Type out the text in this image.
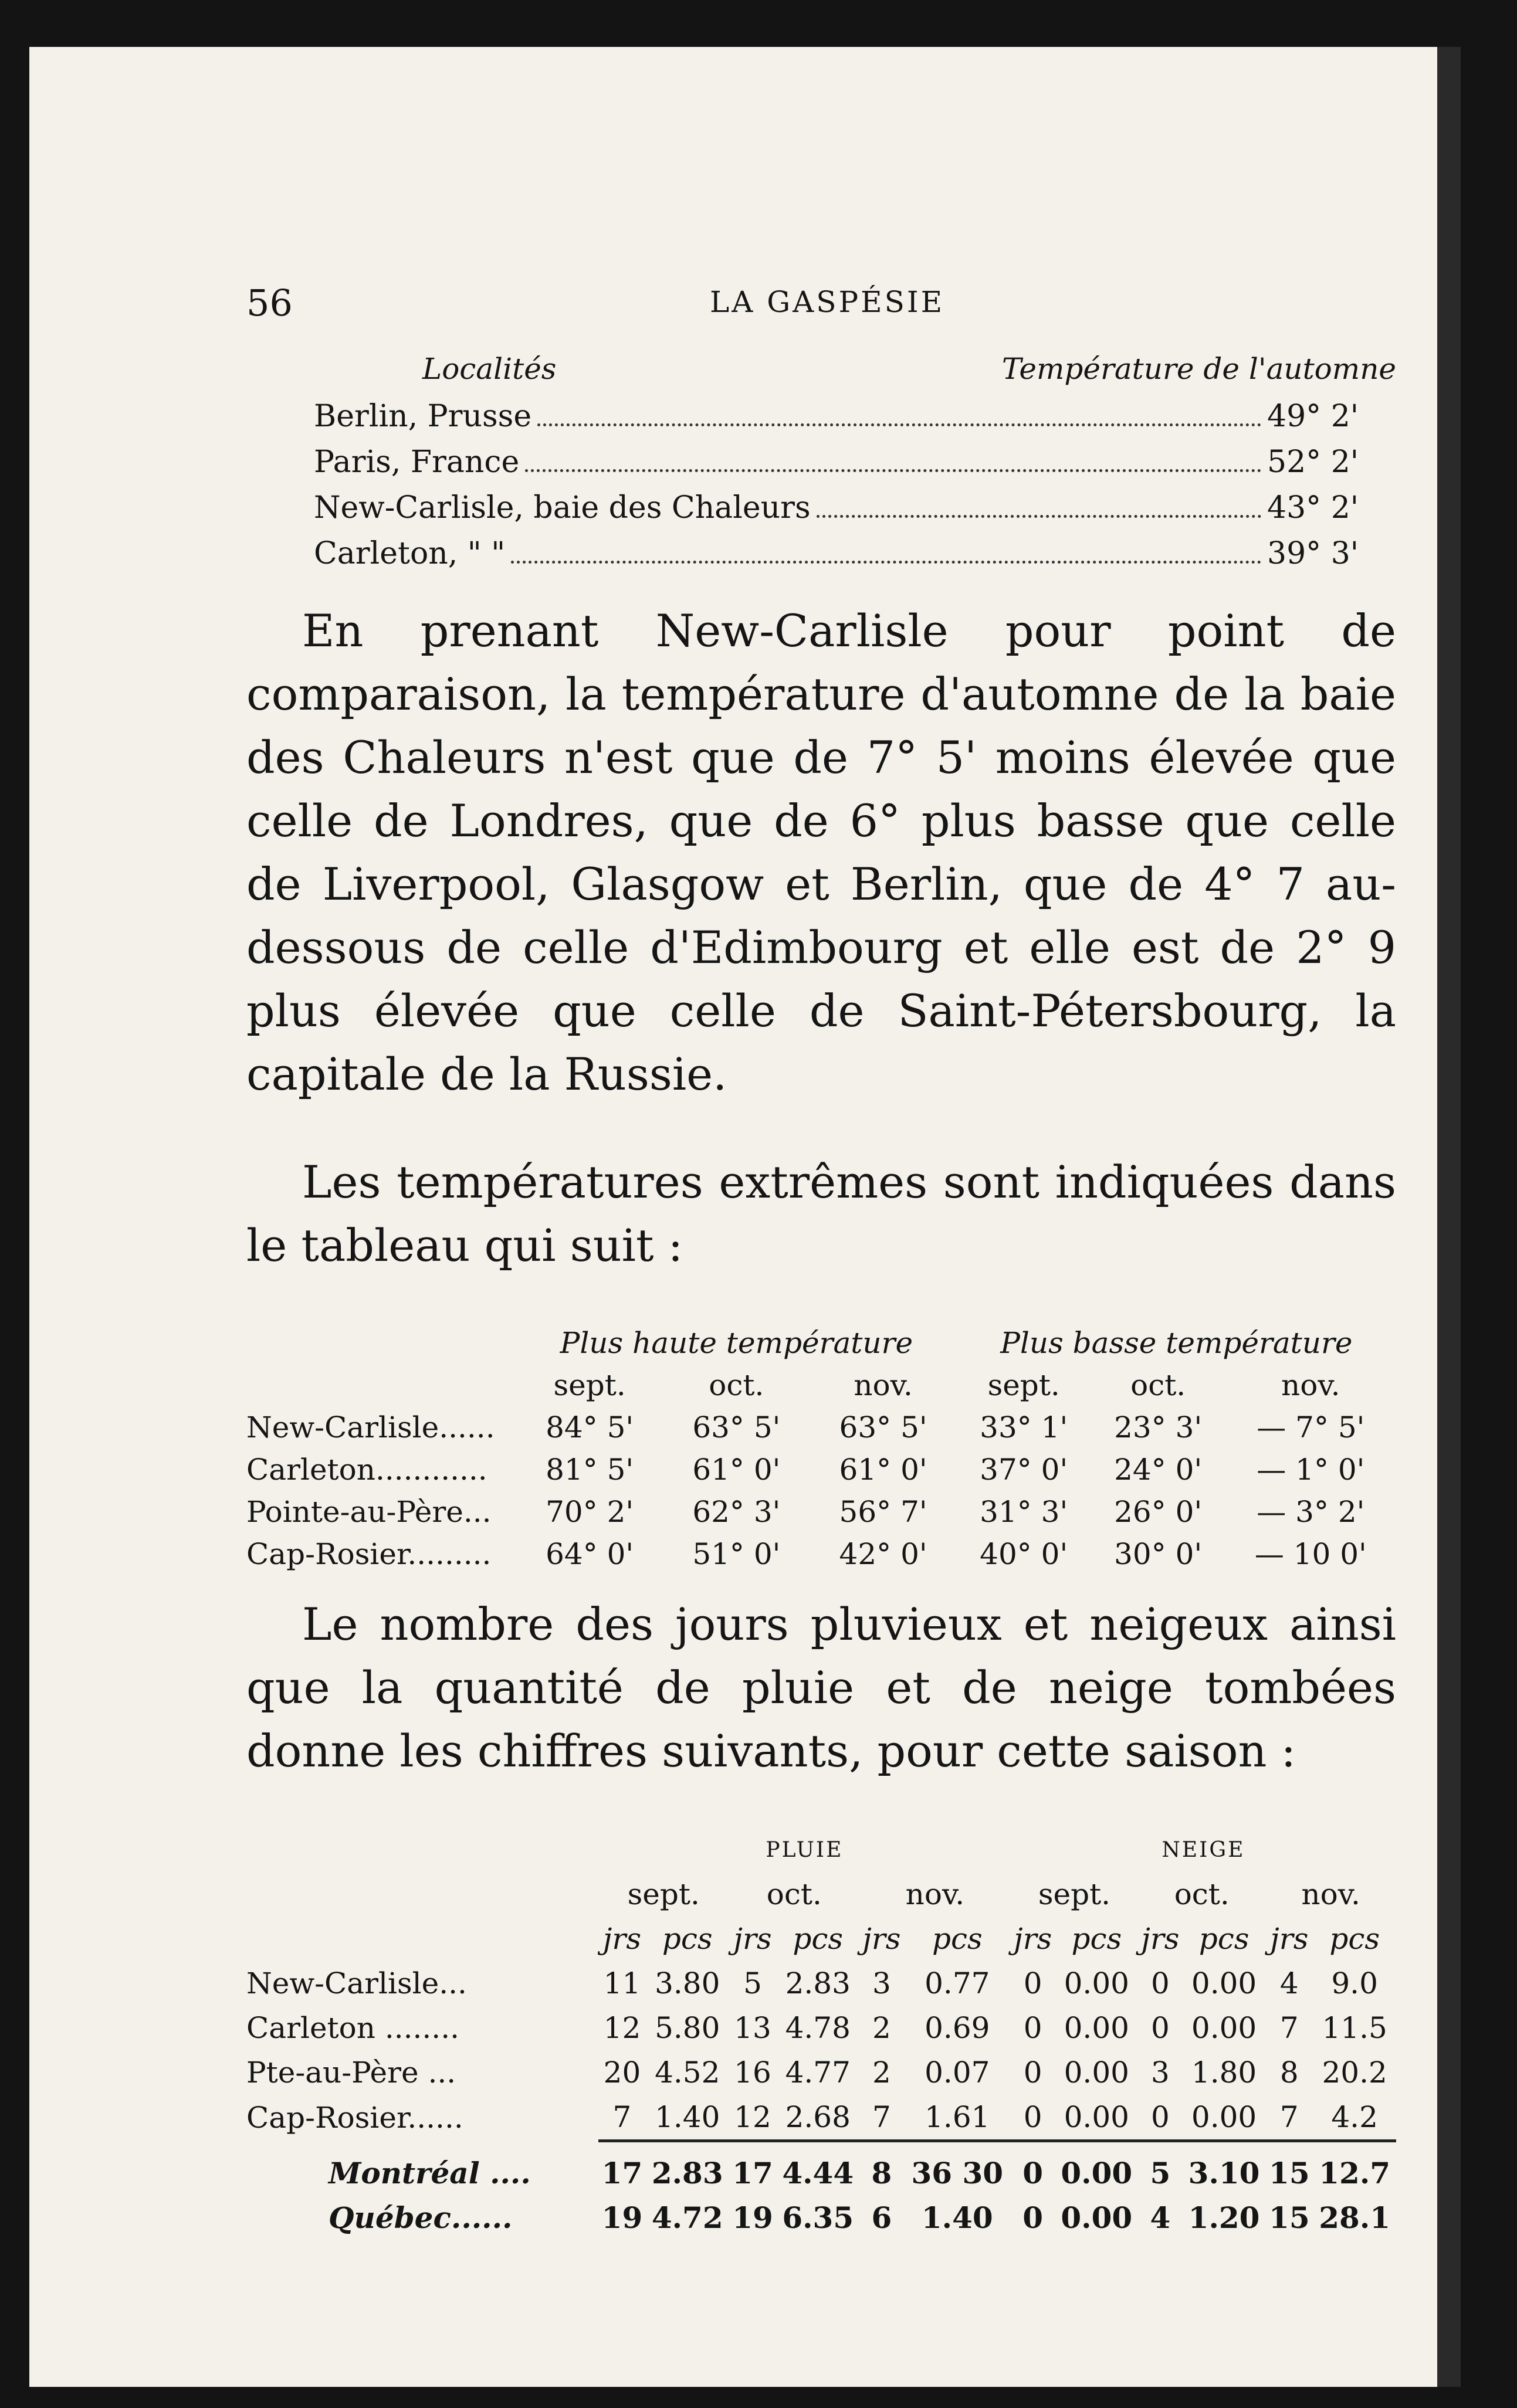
56	LA GASPÉSIE
Localités	Température de l'automne
Berlin, Prusse	49° 2'
Paris, France	52° 2'
New-Carlisle, baie des Chaleurs	43° 2'
Carleton, " "	39° 3'

En prenant New-Carlisle pour point de comparaison, la température d'automne de la baie des Chaleurs n'est que de 7° 5' moins élevée que celle de Londres, que de 6° plus basse que celle de Liverpool, Glasgow et Berlin, que de 4° 7 au-dessous de celle d'Edimbourg et elle est de 2° 9 plus élevée que celle de Saint-Pétersbourg, la capitale de la Russie.

Les températures extrêmes sont indiquées dans le tableau qui suit :

	Plus haute température			Plus basse température		
	sept.	oct.	nov.	sept.	oct.	nov.
New-Carlisle......	84° 5'	63° 5'	63° 5'	33° 1'	23° 3'	— 7° 5'
Carleton............	81° 5'	61° 0'	61° 0'	37° 0'	24° 0'	— 1° 0'
Pointe-au-Père...	70° 2'	62° 3'	56° 7'	31° 3'	26° 0'	— 3° 2'
Cap-Rosier.........	64° 0'	51° 0'	42° 0'	40° 0'	30° 0'	— 10 0'

Le nombre des jours pluvieux et neigeux ainsi que la quantité de pluie et de neige tombées donne les chiffres suivants, pour cette saison :

	PLUIE						NEIGE					
	sept.		oct.		nov.		sept.		oct.		nov.	
	jrs	pcs	jrs	pcs	jrs	pcs	jrs	pcs	jrs	pcs	jrs	pcs
New-Carlisle...	11	3.80	5	2.83	3	0.77	0	0.00	0	0.00	4	9.0
Carleton ........	12	5.80	13	4.78	2	0.69	0	0.00	0	0.00	7	11.5
Pte-au-Père ...	20	4.52	16	4.77	2	0.07	0	0.00	3	1.80	8	20.2
Cap-Rosier......	7	1.40	12	2.68	7	1.61	0	0.00	0	0.00	7	4.2

Montréal ....	17	2.83	17	4.44	8	36 30	0	0.00	5	3.10	15	12.7
Québec......	19	4.72	19	6.35	6	1.40	0	0.00	4	1.20	15	28.1
